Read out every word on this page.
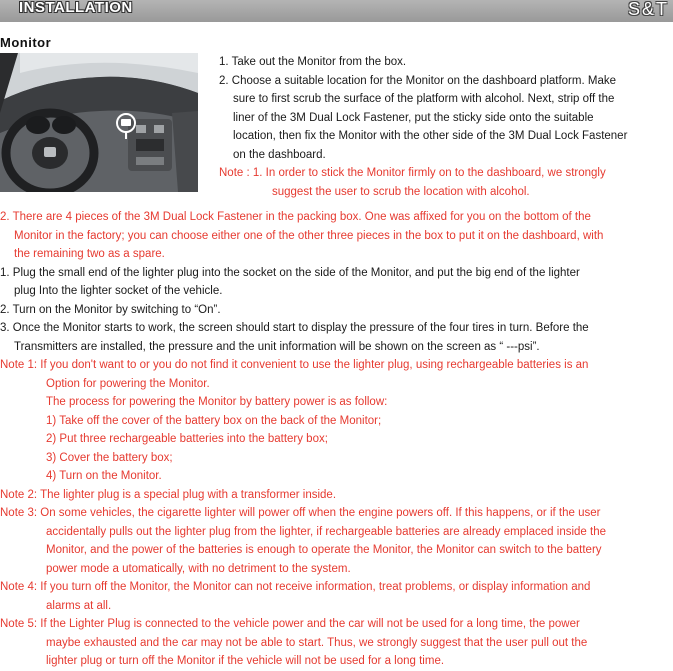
INSTALLATION	S&T
Monitor
1. Take out the Monitor from the box.
2. Choose a suitable location for the Monitor on the dashboard platform. Make
sure to first scrub the surface of the platform with alcohol. Next, strip off the
liner of the 3M Dual Lock Fastener, put the sticky side onto the suitable
location, then fix the Monitor with the other side of the 3M Dual Lock Fastener
on the dashboard.
Note : 1. In order to stick the Monitor firmly on to the dashboard, we strongly
suggest the user to scrub the location with alcohol.
2. There are 4 pieces of the 3M Dual Lock Fastener in the packing box. One was affixed for you on the bottom of the
Monitor in the factory; you can choose either one of the other three pieces in the box to put it on the dashboard, with
the remaining two as a spare.
1. Plug the small end of the lighter plug into the socket on the side of the Monitor, and put the big end of the lighter
plug Into the lighter socket of the vehicle.
2. Turn on the Monitor by switching to “On”.
3. Once the Monitor starts to work, the screen should start to display the pressure of the four tires in turn. Before the
Transmitters are installed, the pressure and the unit information will be shown on the screen as “ ---psi”.
Note 1: If you don't want to or you do not find it convenient to use the lighter plug, using rechargeable batteries is an
Option for powering the Monitor.
The process for powering the Monitor by battery power is as follow:
1) Take off the cover of the battery box on the back of the Monitor;
2) Put three rechargeable batteries into the battery box;
3) Cover the battery box;
4) Turn on the Monitor.
Note 2: The lighter plug is a special plug with a transformer inside.
Note 3: On some vehicles, the cigarette lighter will power off when the engine powers off. If this happens, or if the user
accidentally pulls out the lighter plug from the lighter, if rechargeable batteries are already emplaced inside the
Monitor, and the power of the batteries is enough to operate the Monitor, the Monitor can switch to the battery
power mode a utomatically, with no detriment to the system.
Note 4: If you turn off the Monitor, the Monitor can not receive information, treat problems, or display information and
alarms at all.
Note 5: If the Lighter Plug is connected to the vehicle power and the car will not be used for a long time, the power
maybe exhausted and the car may not be able to start. Thus, we strongly suggest that the user pull out the
lighter plug or turn off the Monitor if the vehicle will not be used for a long time.
